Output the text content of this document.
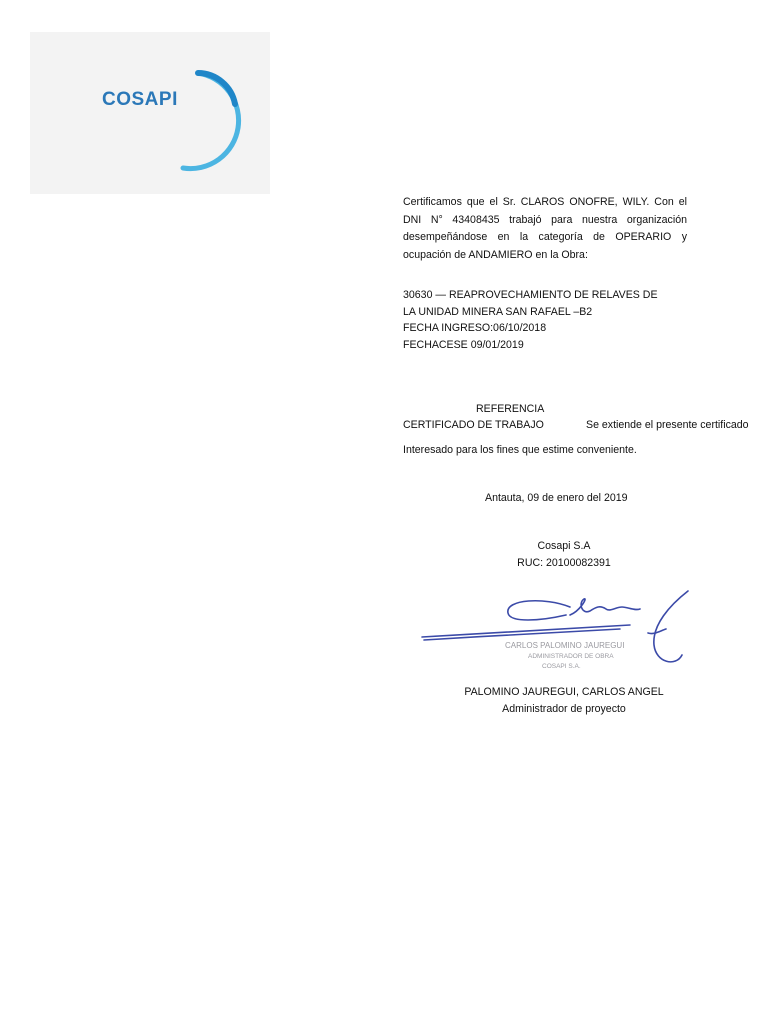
COSAPI

Certificamos que el Sr. CLAROS ONOFRE, WILY. Con el DNI N° 43408435 trabajó para nuestra organización desempeñándose en la categoría de OPERARIO y ocupación de ANDAMIERO en la Obra:

30630 — REAPROVECHAMIENTO DE RELAVES DE
LA UNIDAD MINERA SAN RAFAEL –B2
FECHA INGRESO:06/10/2018
FECHACESE 09/01/2019
REFERENCIA
CERTIFICADO DE TRABAJO	Se extiende el presente certificado
Interesado para los fines que estime conveniente.
Antauta, 09 de enero del 2019
Cosapi S.A
RUC: 20100082391
CARLOS PALOMINO JAUREGUI
ADMINISTRADOR DE OBRA
COSAPI S.A.
PALOMINO JAUREGUI, CARLOS ANGEL
Administrador de proyecto
